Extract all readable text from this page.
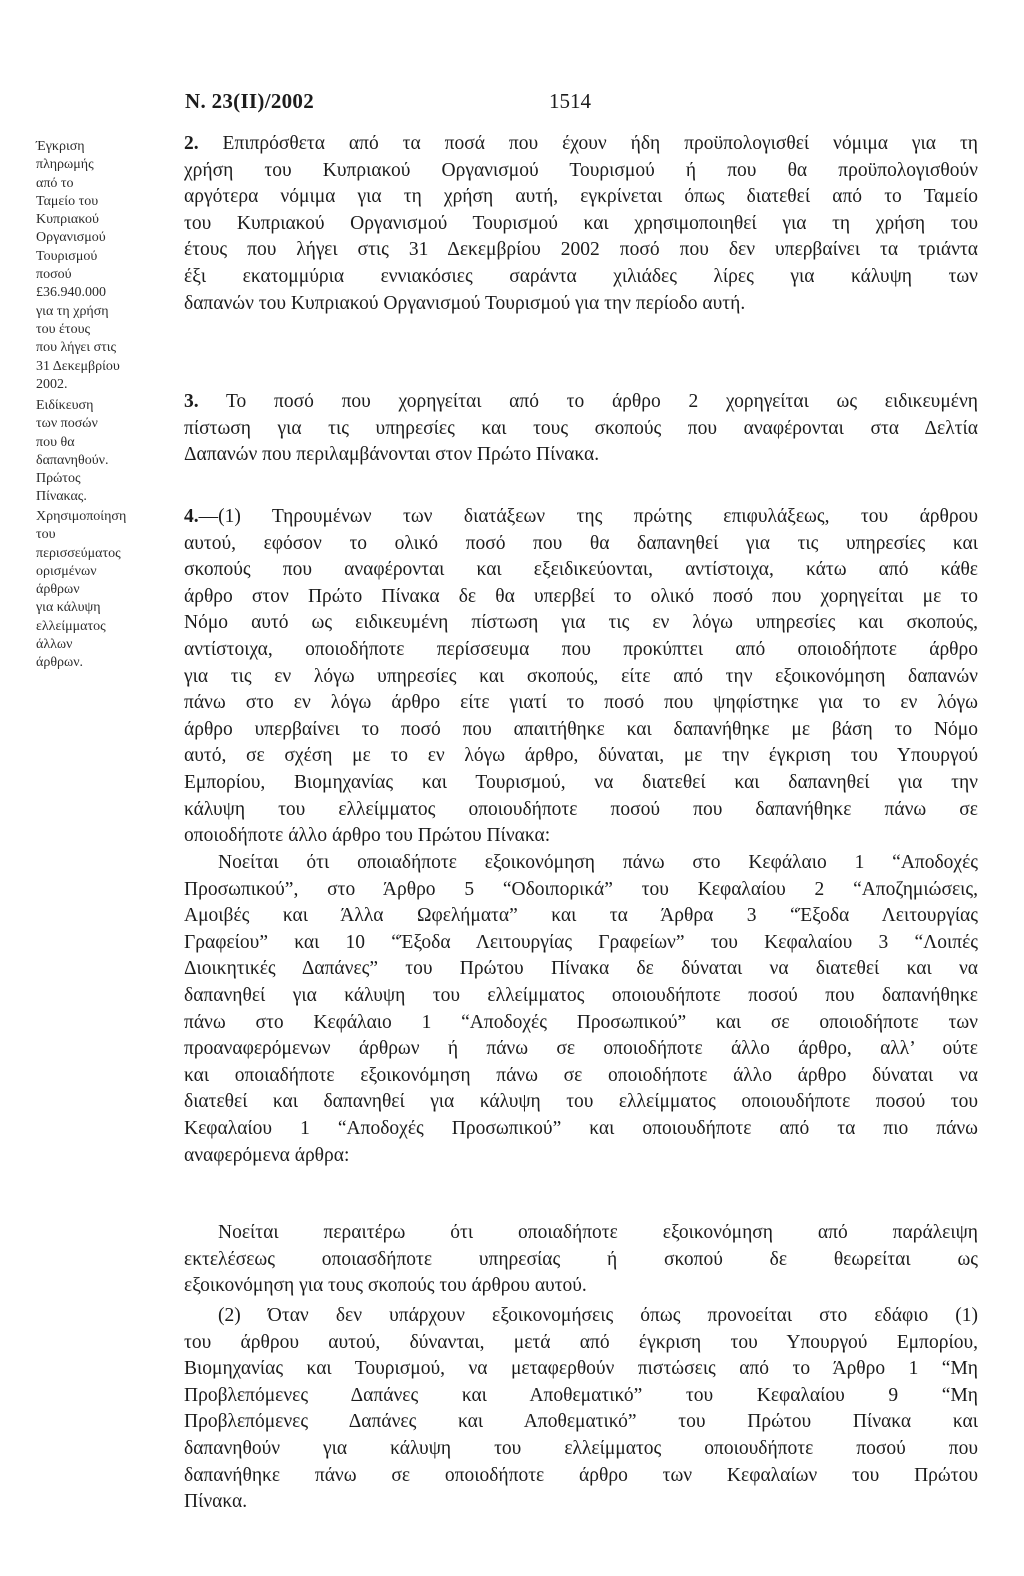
Ν. 23(ΙΙ)/2002	1514
Έγκριση
πληρωμής
από το
Ταμείο του
Κυπριακού
Οργανισμού
Τουρισμού
ποσού
£36.940.000
για τη χρήση
του έτους
που λήγει στις
31 Δεκεμβρίου
2002.
Ειδίκευση
των ποσών
που θα
δαπανηθούν.
Πρώτος
Πίνακας.
Χρησιμοποίηση
του
περισσεύματος
ορισμένων
άρθρων
για κάλυψη
ελλείμματος
άλλων
άρθρων.
2. Επιπρόσθετα από τα ποσά που έχουν ήδη προϋπολογισθεί νόμιμα για τη
χρήση του Κυπριακού Οργανισμού Τουρισμού ή που θα προϋπολογισθούν
αργότερα νόμιμα για τη χρήση αυτή, εγκρίνεται όπως διατεθεί από το Ταμείο
του Κυπριακού Οργανισμού Τουρισμού και χρησιμοποιηθεί για τη χρήση του
έτους που λήγει στις 31 Δεκεμβρίου 2002 ποσό που δεν υπερβαίνει τα τριάντα
έξι εκατομμύρια εννιακόσιες σαράντα χιλιάδες λίρες για κάλυψη των
δαπανών του Κυπριακού Οργανισμού Τουρισμού για την περίοδο αυτή.
3. Το ποσό που χορηγείται από το άρθρο 2 χορηγείται ως ειδικευμένη
πίστωση για τις υπηρεσίες και τους σκοπούς που αναφέρονται στα Δελτία
Δαπανών που περιλαμβάνονται στον Πρώτο Πίνακα.
4.—(1) Τηρουμένων των διατάξεων της πρώτης επιφυλάξεως, του άρθρου
αυτού, εφόσον το ολικό ποσό που θα δαπανηθεί για τις υπηρεσίες και
σκοπούς που αναφέρονται και εξειδικεύονται, αντίστοιχα, κάτω από κάθε
άρθρο στον Πρώτο Πίνακα δε θα υπερβεί το ολικό ποσό που χορηγείται με το
Νόμο αυτό ως ειδικευμένη πίστωση για τις εν λόγω υπηρεσίες και σκοπούς,
αντίστοιχα, οποιοδήποτε περίσσευμα που προκύπτει από οποιοδήποτε άρθρο
για τις εν λόγω υπηρεσίες και σκοπούς, είτε από την εξοικονόμηση δαπανών
πάνω στο εν λόγω άρθρο είτε γιατί το ποσό που ψηφίστηκε για το εν λόγω
άρθρο υπερβαίνει το ποσό που απαιτήθηκε και δαπανήθηκε με βάση το Νόμο
αυτό, σε σχέση με το εν λόγω άρθρο, δύναται, με την έγκριση του Υπουργού
Εμπορίου, Βιομηχανίας και Τουρισμού, να διατεθεί και δαπανηθεί για την
κάλυψη του ελλείμματος οποιουδήποτε ποσού που δαπανήθηκε πάνω σε
οποιοδήποτε άλλο άρθρο του Πρώτου Πίνακα:
Νοείται ότι οποιαδήποτε εξοικονόμηση πάνω στο Κεφάλαιο 1 “Αποδοχές
Προσωπικού”, στο Άρθρο 5 “Οδοιπορικά” του Κεφαλαίου 2 “Αποζημιώσεις,
Αμοιβές και Άλλα Ωφελήματα” και τα Άρθρα 3 “Έξοδα Λειτουργίας
Γραφείου” και 10 “Έξοδα Λειτουργίας Γραφείων” του Κεφαλαίου 3 “Λοιπές
Διοικητικές Δαπάνες” του Πρώτου Πίνακα δε δύναται να διατεθεί και να
δαπανηθεί για κάλυψη του ελλείμματος οποιουδήποτε ποσού που δαπανήθηκε
πάνω στο Κεφάλαιο 1 “Αποδοχές Προσωπικού” και σε οποιοδήποτε των
προαναφερόμενων άρθρων ή πάνω σε οποιοδήποτε άλλο άρθρο, αλλ’ ούτε
και οποιαδήποτε εξοικονόμηση πάνω σε οποιοδήποτε άλλο άρθρο δύναται να
διατεθεί και δαπανηθεί για κάλυψη του ελλείμματος οποιουδήποτε ποσού του
Κεφαλαίου 1 “Αποδοχές Προσωπικού” και οποιουδήποτε από τα πιο πάνω
αναφερόμενα άρθρα:
Νοείται περαιτέρω ότι οποιαδήποτε εξοικονόμηση από παράλειψη
εκτελέσεως οποιασδήποτε υπηρεσίας ή σκοπού δε θεωρείται ως
εξοικονόμηση για τους σκοπούς του άρθρου αυτού.
(2) Όταν δεν υπάρχουν εξοικονομήσεις όπως προνοείται στο εδάφιο (1)
του άρθρου αυτού, δύνανται, μετά από έγκριση του Υπουργού Εμπορίου,
Βιομηχανίας και Τουρισμού, να μεταφερθούν πιστώσεις από το Άρθρο 1 “Μη
Προβλεπόμενες Δαπάνες και Αποθεματικό” του Κεφαλαίου 9 “Μη
Προβλεπόμενες Δαπάνες και Αποθεματικό” του Πρώτου Πίνακα και
δαπανηθούν για κάλυψη του ελλείμματος οποιουδήποτε ποσού που
δαπανήθηκε πάνω σε οποιοδήποτε άρθρο των Κεφαλαίων του Πρώτου
Πίνακα.
